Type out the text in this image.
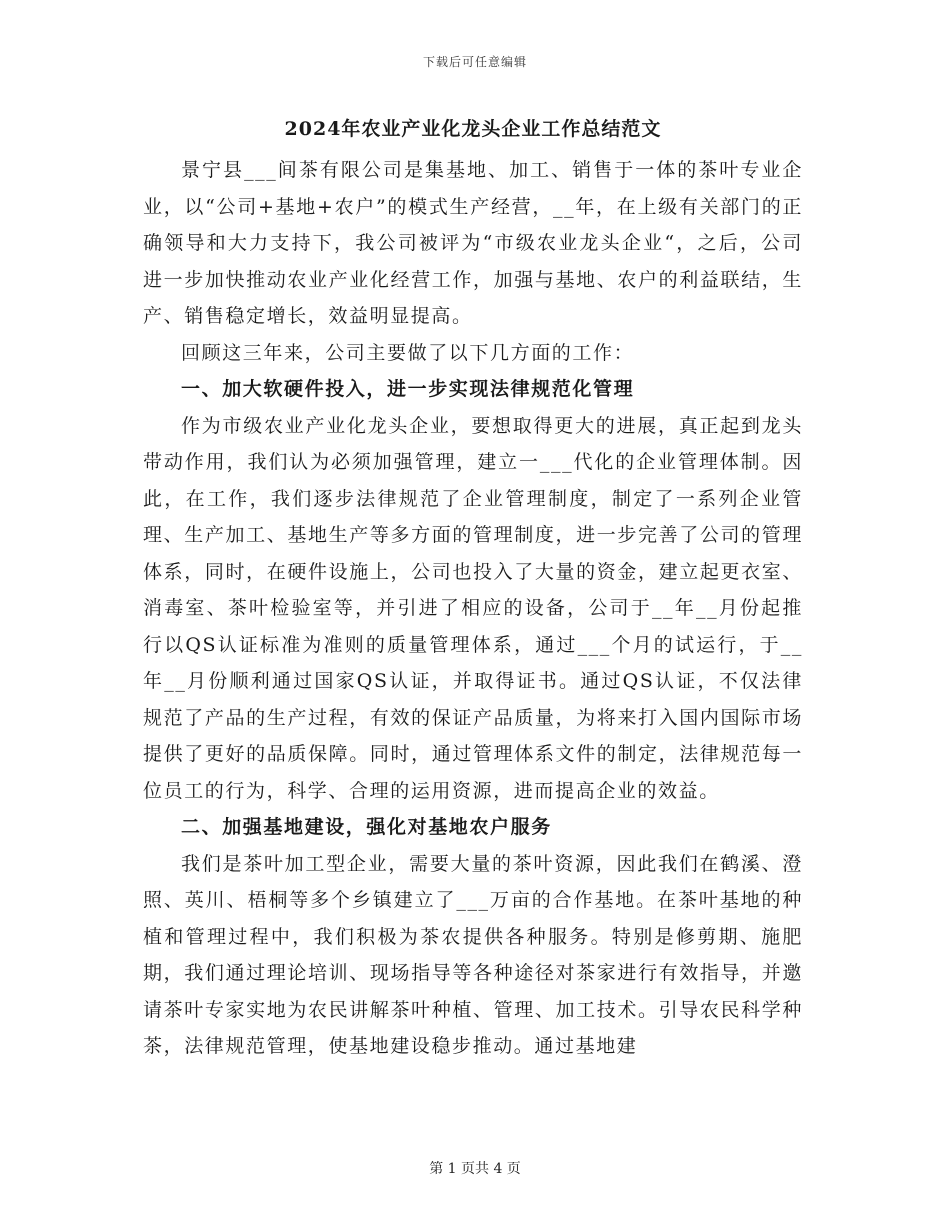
下载后可任意编辑
2024年农业产业化龙头企业工作总结范文

景宁县___间茶有限公司是集基地、加工、销售于一体的茶叶专业企业，以“公司+基地+农户”的模式生产经营，__年，在上级有关部门的正确领导和大力支持下，我公司被评为“市级农业龙头企业“，之后，公司进一步加快推动农业产业化经营工作，加强与基地、农户的利益联结，生产、销售稳定增长，效益明显提高。

回顾这三年来，公司主要做了以下几方面的工作：

一、加大软硬件投入，进一步实现法律规范化管理

作为市级农业产业化龙头企业，要想取得更大的进展，真正起到龙头带动作用，我们认为必须加强管理，建立一___代化的企业管理体制。因此，在工作，我们逐步法律规范了企业管理制度，制定了一系列企业管理、生产加工、基地生产等多方面的管理制度，进一步完善了公司的管理体系，同时，在硬件设施上，公司也投入了大量的资金，建立起更衣室、消毒室、茶叶检验室等，并引进了相应的设备，公司于__年__月份起推行以QS认证标准为准则的质量管理体系，通过___个月的试运行，于__年__月份顺利通过国家QS认证，并取得证书。通过QS认证，不仅法律规范了产品的生产过程，有效的保证产品质量，为将来打入国内国际市场提供了更好的品质保障。同时，通过管理体系文件的制定，法律规范每一位员工的行为，科学、合理的运用资源，进而提高企业的效益。

二、加强基地建设，强化对基地农户服务

我们是茶叶加工型企业，需要大量的茶叶资源，因此我们在鹤溪、澄照、英川、梧桐等多个乡镇建立了___万亩的合作基地。在茶叶基地的种植和管理过程中，我们积极为茶农提供各种服务。特别是修剪期、施肥期，我们通过理论培训、现场指导等各种途径对茶家进行有效指导，并邀请茶叶专家实地为农民讲解茶叶种植、管理、加工技术。引导农民科学种茶，法律规范管理，使基地建设稳步推动。通过基地建

第 1 页共 4 页
